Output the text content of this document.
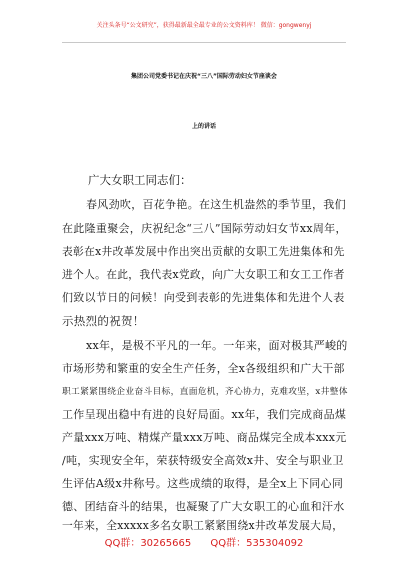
关注头条号“公文研究”，获得最新最全最专业的公文资料库！ 微信：gongwenyj
集团公司党委书记在庆祝“三八”国际劳动妇女节座谈会
上的讲话
广大女职工同志们：
春风劲吹，百花争艳。在这生机盎然的季节里，我们
在此隆重聚会，庆祝纪念“三八”国际劳动妇女节xx周年，
表彰在x井改革发展中作出突出贡献的女职工先进集体和先
进个人。在此，我代表x党政，向广大女职工和女工工作者
们致以节日的问候！向受到表彰的先进集体和先进个人表
示热烈的祝贺！
xx年，是极不平凡的一年。一年来，面对极其严峻的
市场形势和繁重的安全生产任务，全x各级组织和广大干部
职工紧紧围绕企业奋斗目标，直面危机，齐心协力，克难攻坚，x井整体
工作呈现出稳中有进的良好局面。xx年，我们完成商品煤
产量xxx万吨、精煤产量xxx万吨、商品煤完全成本xxx元
/吨，实现安全年，荣获特级安全高效x井、安全与职业卫
生评估A级x井称号。这些成绩的取得，是全x上下同心同
德、团结奋斗的结果，也凝聚了广大女职工的心血和汗水
一年来，全xxxxx多名女职工紧紧围绕x井改革发展大局，
QQ群：30265665 QQ群：535304092
